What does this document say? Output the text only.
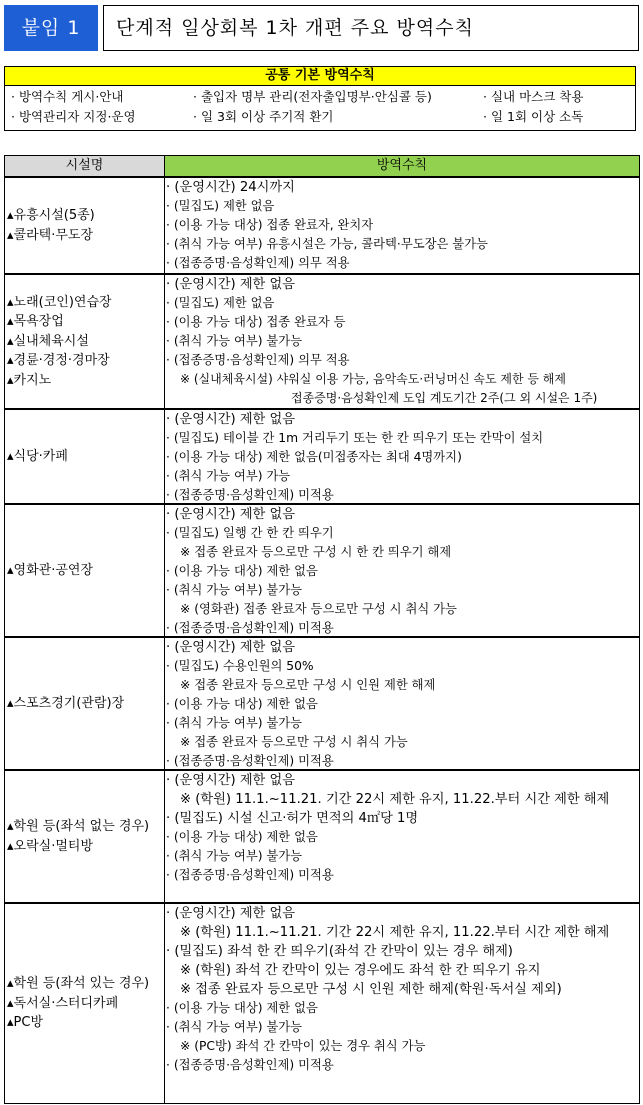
붙임 1	단계적 일상회복 1차 개편 주요 방역수칙
공통 기본 방역수칙
· 방역수칙 게시·안내	· 출입자 명부 관리(전자출입명부·안심콜 등)	· 실내 마스크 착용
· 방역관리자 지정·운영	· 일 3회 이상 주기적 환기	· 일 1회 이상 소독
시설명	방역수칙
▴유흥시설(5종)
▴콜라텍·무도장
· (운영시간) 24시까지
· (밀집도) 제한 없음
· (이용 가능 대상) 접종 완료자, 완치자
· (취식 가능 여부) 유흥시설은 가능, 콜라텍·무도장은 불가능
· (접종증명·음성확인제) 의무 적용
▴노래(코인)연습장
▴목욕장업
▴실내체육시설
▴경륜·경정·경마장
▴카지노
· (운영시간) 제한 없음
· (밀집도) 제한 없음
· (이용 가능 대상) 접종 완료자 등
· (취식 가능 여부) 불가능
· (접종증명·음성확인제) 의무 적용
※ (실내체육시설) 샤워실 이용 가능, 음악속도·러닝머신 속도 제한 등 해제
접종증명·음성확인제 도입 계도기간 2주(그 외 시설은 1주)
▴식당·카페
· (운영시간) 제한 없음
· (밀집도) 테이블 간 1m 거리두기 또는 한 칸 띄우기 또는 칸막이 설치
· (이용 가능 대상) 제한 없음(미접종자는 최대 4명까지)
· (취식 가능 여부) 가능
· (접종증명·음성확인제) 미적용
▴영화관·공연장
· (운영시간) 제한 없음
· (밀집도) 일행 간 한 칸 띄우기
※ 접종 완료자 등으로만 구성 시 한 칸 띄우기 해제
· (이용 가능 대상) 제한 없음
· (취식 가능 여부) 불가능
※ (영화관) 접종 완료자 등으로만 구성 시 취식 가능
· (접종증명·음성확인제) 미적용
▴스포츠경기(관람)장
· (운영시간) 제한 없음
· (밀집도) 수용인원의 50%
※ 접종 완료자 등으로만 구성 시 인원 제한 해제
· (이용 가능 대상) 제한 없음
· (취식 가능 여부) 불가능
※ 접종 완료자 등으로만 구성 시 취식 가능
· (접종증명·음성확인제) 미적용
▴학원 등(좌석 없는 경우)
▴오락실·멀티방
· (운영시간) 제한 없음
※ (학원) 11.1.~11.21. 기간 22시 제한 유지, 11.22.부터 시간 제한 해제
· (밀집도) 시설 신고·허가 면적의 4㎡당 1명
· (이용 가능 대상) 제한 없음
· (취식 가능 여부) 불가능
· (접종증명·음성확인제) 미적용
▴학원 등(좌석 있는 경우)
▴독서실·스터디카페
▴PC방
· (운영시간) 제한 없음
※ (학원) 11.1.~11.21. 기간 22시 제한 유지, 11.22.부터 시간 제한 해제
· (밀집도) 좌석 한 칸 띄우기(좌석 간 칸막이 있는 경우 해제)
※ (학원) 좌석 간 칸막이 있는 경우에도 좌석 한 칸 띄우기 유지
※ 접종 완료자 등으로만 구성 시 인원 제한 해제(학원·독서실 제외)
· (이용 가능 대상) 제한 없음
· (취식 가능 여부) 불가능
※ (PC방) 좌석 간 칸막이 있는 경우 취식 가능
· (접종증명·음성확인제) 미적용
